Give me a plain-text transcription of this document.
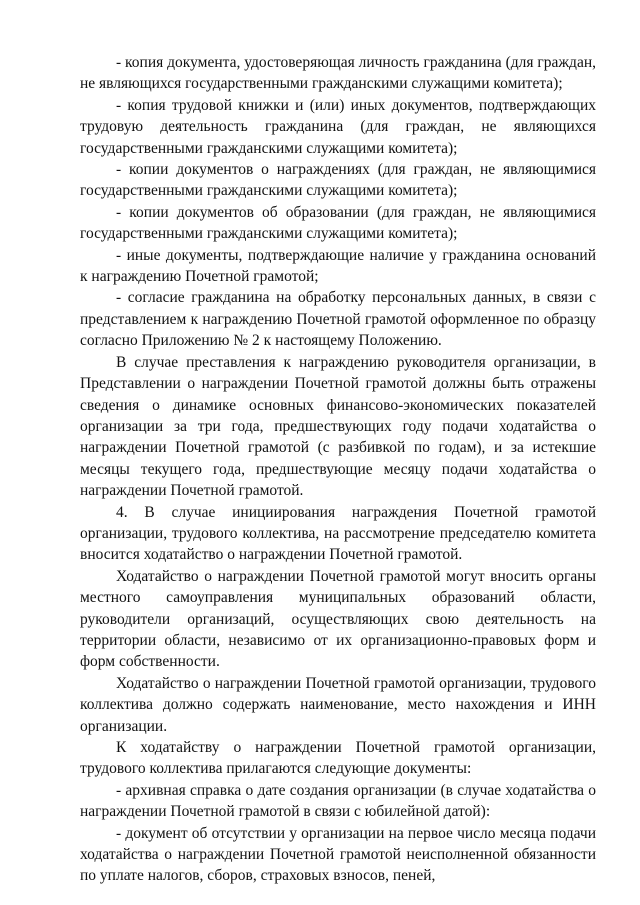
- копия документа, удостоверяющая личность гражданина (для граждан, не являющихся государственными гражданскими служащими комитета);

- копия трудовой книжки и (или) иных документов, подтверждающих трудовую деятельность гражданина (для граждан, не являющихся государственными гражданскими служащими комитета);

- копии документов о награждениях (для граждан, не являющимися государственными гражданскими служащими комитета);

- копии документов об образовании (для граждан, не являющимися государственными гражданскими служащими комитета);

- иные документы, подтверждающие наличие у гражданина оснований к награждению Почетной грамотой;

- согласие гражданина на обработку персональных данных, в связи с представлением к награждению Почетной грамотой оформленное по образцу согласно Приложению № 2 к настоящему Положению.

В случае преставления к награждению руководителя организации, в Представлении о награждении Почетной грамотой должны быть отражены сведения о динамике основных финансово-экономических показателей организации за три года, предшествующих году подачи ходатайства о награждении Почетной грамотой (с разбивкой по годам), и за истекшие месяцы текущего года, предшествующие месяцу подачи ходатайства о награждении Почетной грамотой.

4. В случае инициирования награждения Почетной грамотой организации, трудового коллектива, на рассмотрение председателю комитета вносится ходатайство о награждении Почетной грамотой.

Ходатайство о награждении Почетной грамотой могут вносить органы местного самоуправления муниципальных образований области, руководители организаций, осуществляющих свою деятельность на территории области, независимо от их организационно-правовых форм и форм собственности.

Ходатайство о награждении Почетной грамотой организации, трудового коллектива должно содержать наименование, место нахождения и ИНН организации.

К ходатайству о награждении Почетной грамотой организации, трудового коллектива прилагаются следующие документы:

- архивная справка о дате создания организации (в случае ходатайства о награждении Почетной грамотой в связи с юбилейной датой):

- документ об отсутствии у организации на первое число месяца подачи ходатайства о награждении Почетной грамотой неисполненной обязанности по уплате налогов, сборов, страховых взносов, пеней,
